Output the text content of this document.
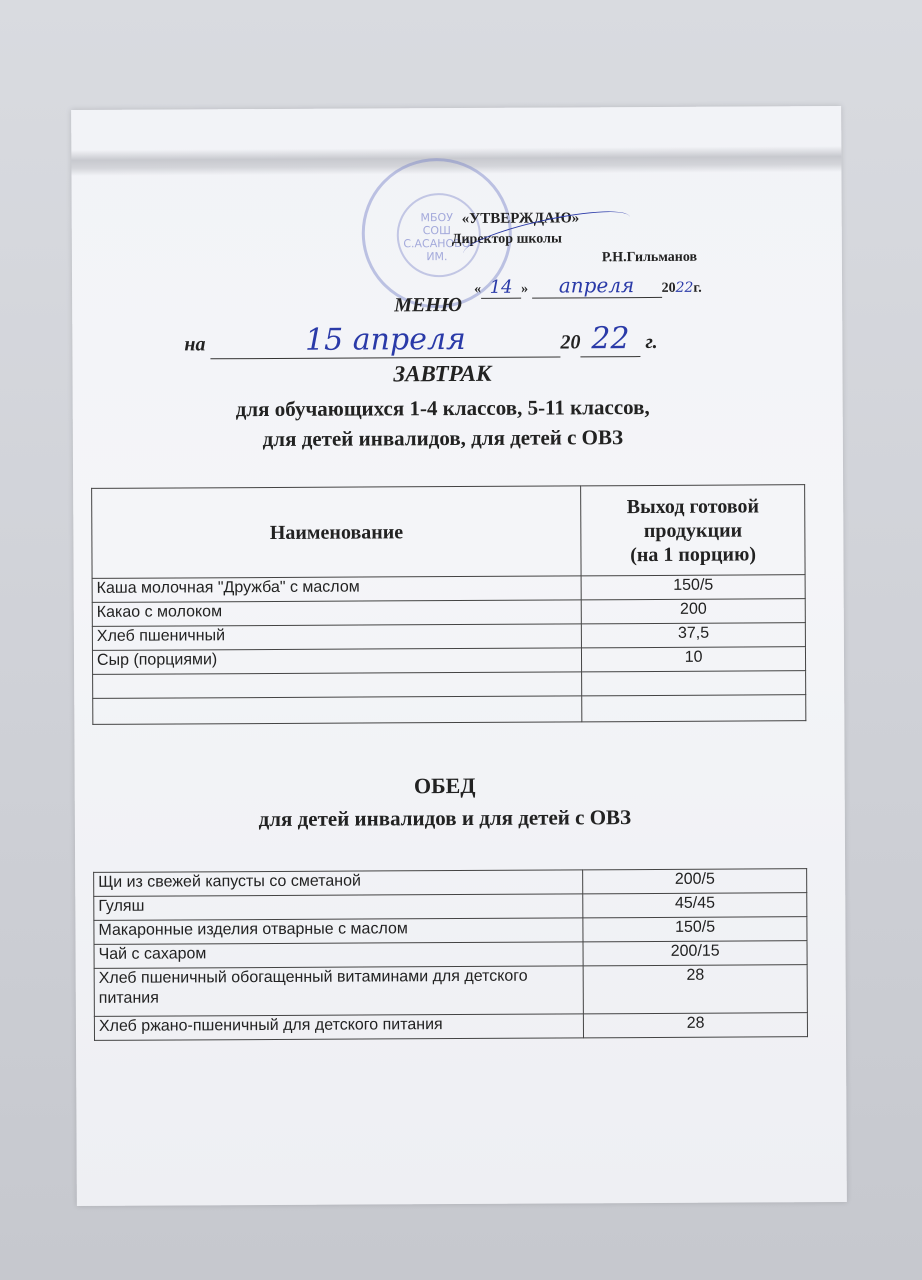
МБОУ
СОШ
С.АСАНОВО
ИМ.
«УТВЕРЖДАЮ»
Директор школы
Р.Н.Гильманов
« 14 » апреля 2022г.
МЕНЮ
на	15 апреля	20 22 г.
ЗАВТРАК
для обучающихся 1-4 классов, 5-11 классов,
для детей инвалидов, для детей с ОВЗ
Наименование	Выход готовой
продукции
(на 1 порцию)

Каша молочная "Дружба" с маслом	150/5
Какао с молоком	200
Хлеб пшеничный	37,5
Сыр (порциями)	10

ОБЕД
для детей инвалидов и для детей с ОВЗ
Щи из свежей капусты со сметаной	200/5
Гуляш	45/45
Макаронные изделия отварные с маслом	150/5
Чай с сахаром	200/15
Хлеб пшеничный обогащенный витаминами для детского питания	28
Хлеб ржано-пшеничный для детского питания	28
